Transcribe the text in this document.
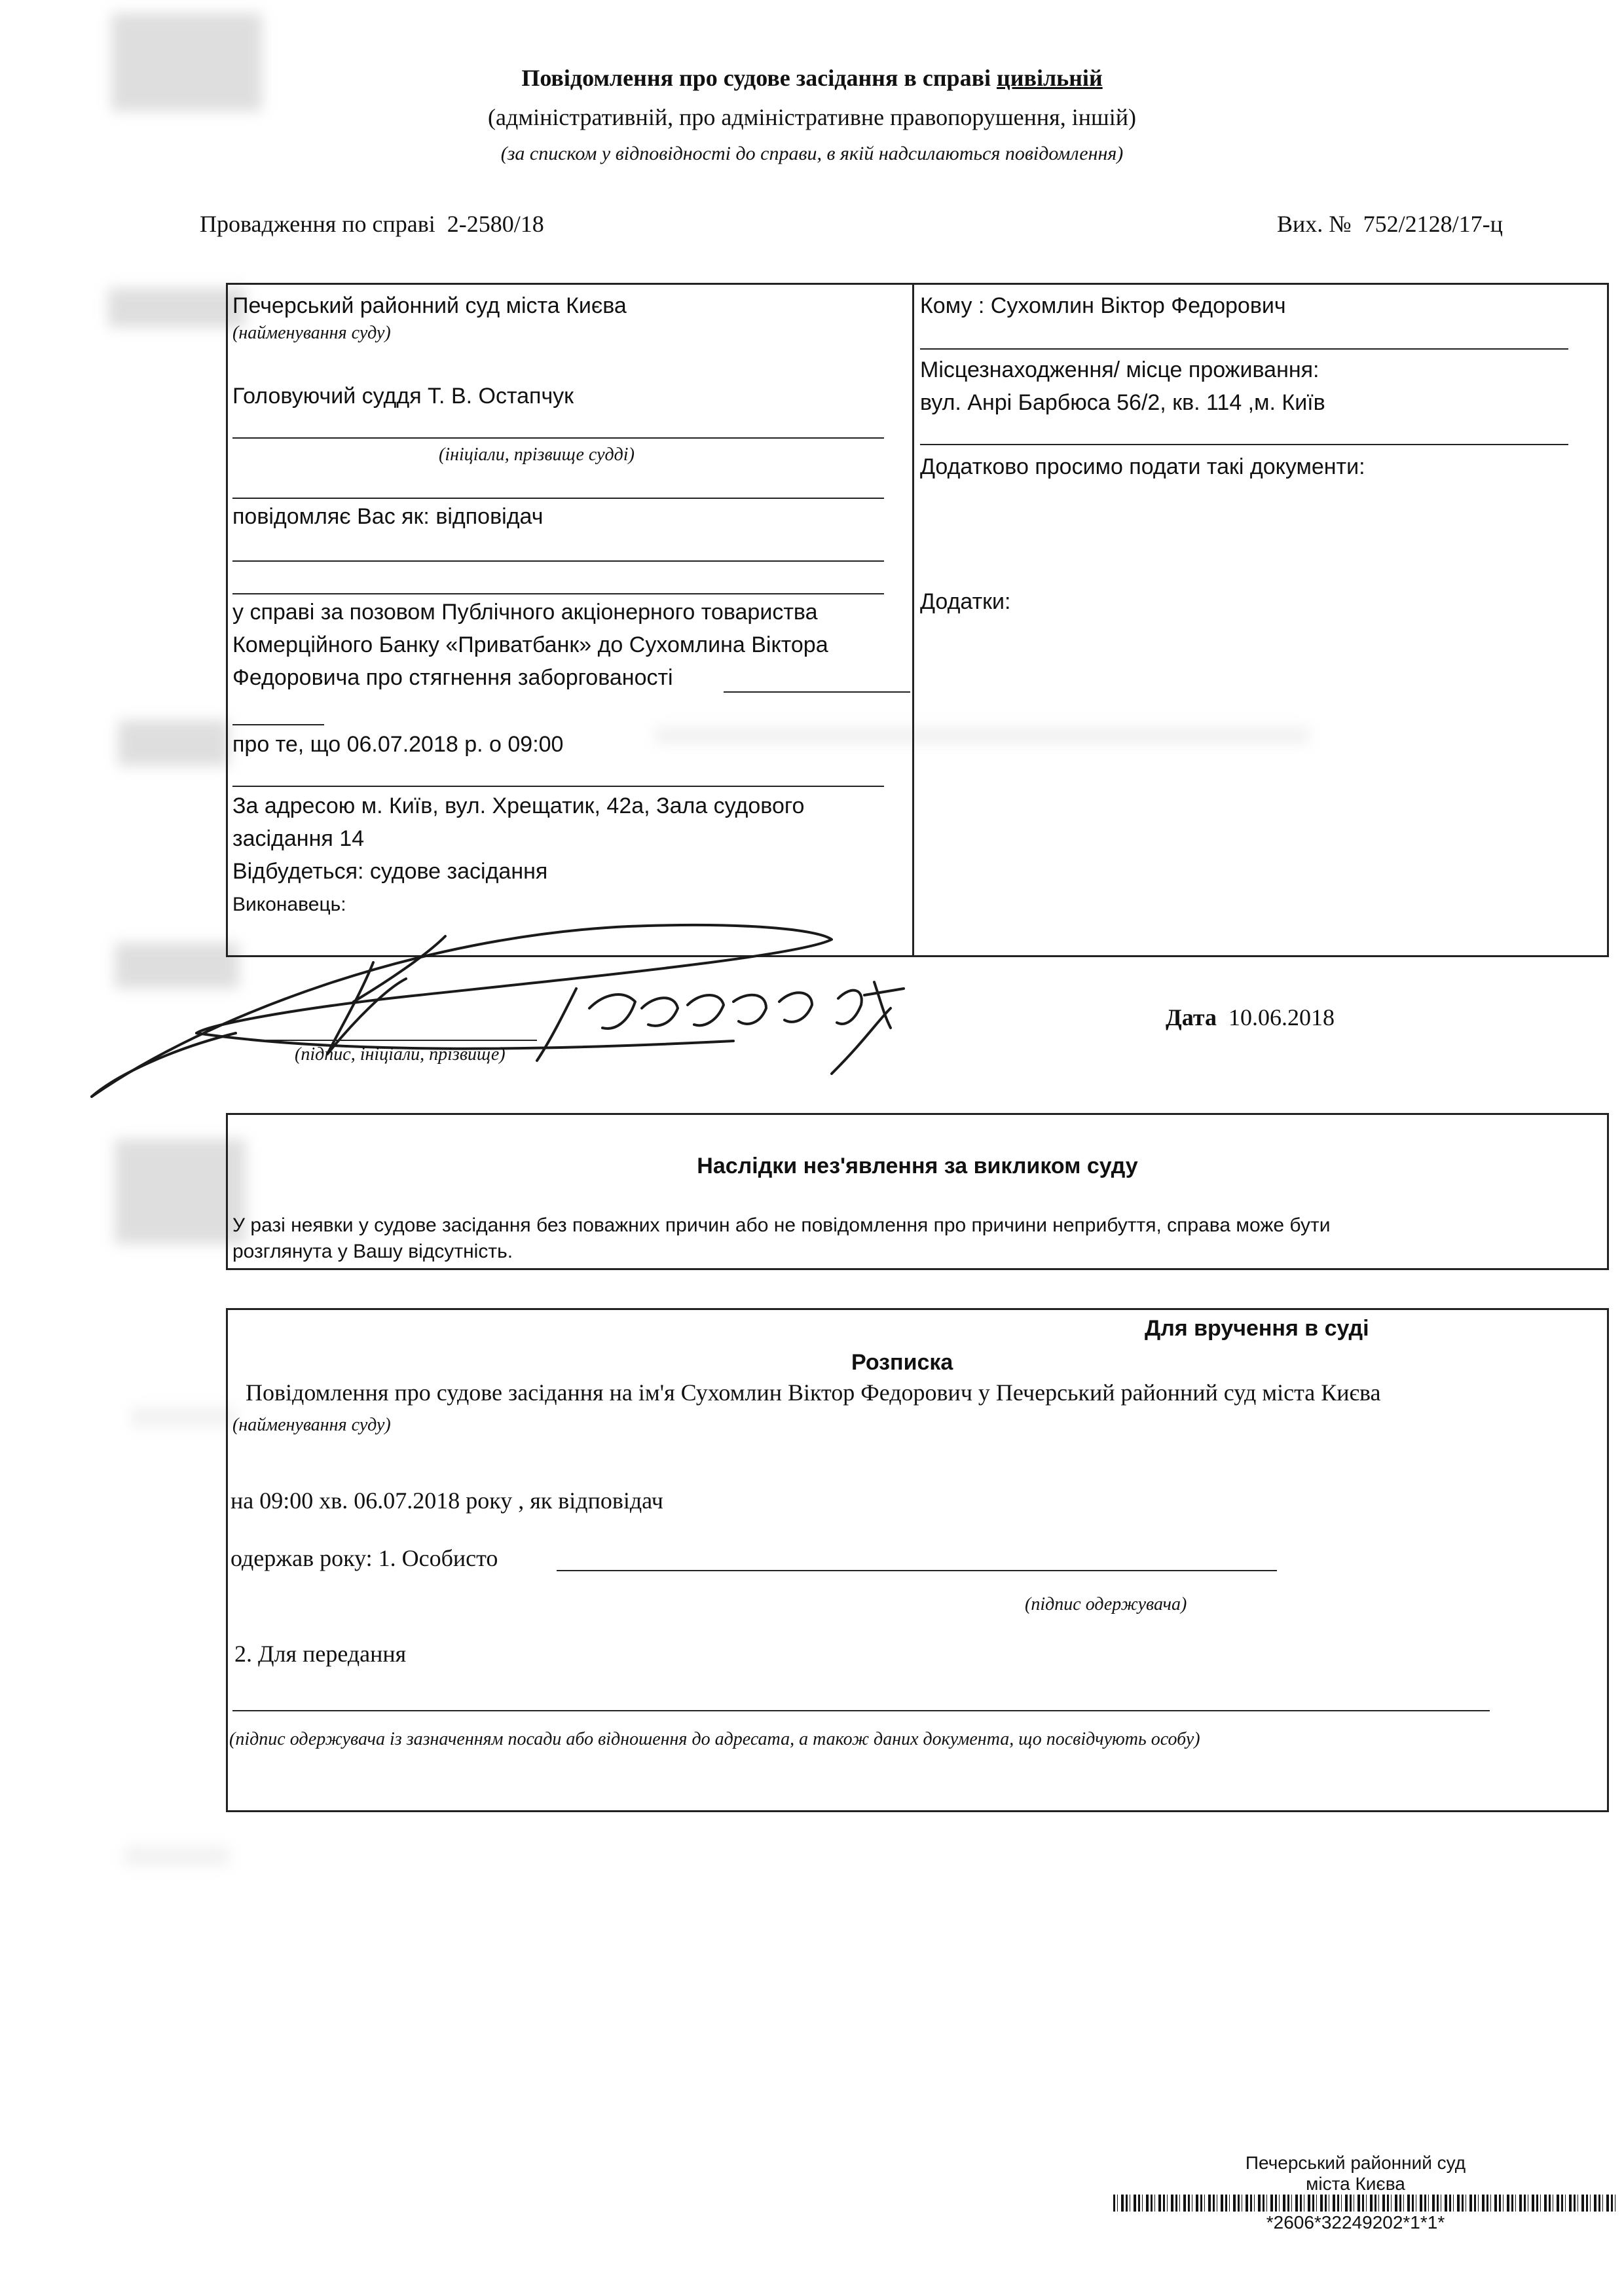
Повідомлення про судове засідання в справі цивільній
(адміністративній, про адміністративне правопорушення, іншій)
(за списком у відповідності до справи, в якій надсилаються повідомлення)
Провадження по справі 2-2580/18	Вих. № 752/2128/17-ц
Печерський районний суд міста Києва
(найменування суду)
Головуючий суддя Т. В. Остапчук
(ініціали, прізвище судді)
повідомляє Вас як: відповідач
у справі за позовом Публічного акціонерного товариства
Комерційного Банку «Приватбанк» до Сухомлина Віктора
Федоровича про стягнення заборгованості
про те, що 06.07.2018 р. о 09:00
За адресою м. Київ, вул. Хрещатик, 42а, Зала судового
засідання 14
Відбудеться: судове засідання
Виконавець:
Кому : Сухомлин Віктор Федорович
Місцезнаходження/ місце проживання:
вул. Анрі Барбюса 56/2, кв. 114 ,м. Київ
Додатково просимо подати такі документи:
Додатки:
(підпис, ініціали, прізвище)
Дата 10.06.2018
Наслідки нез'явлення за викликом суду
У разі неявки у судове засідання без поважних причин або не повідомлення про причини неприбуття, справа може бути
розглянута у Вашу відсутність.
Для вручення в суді
Розписка
Повідомлення про судове засідання на ім'я Сухомлин Віктор Федорович у Печерський районний суд міста Києва
(найменування суду)
на 09:00 хв. 06.07.2018 року , як відповідач
одержав року: 1. Особисто
(підпис одержувача)
2. Для передання
(підпис одержувача із зазначенням посади або відношення до адресата, а також даних документа, що посвідчують особу)
Печерський районний суд
міста Києва
*2606*32249202*1*1*
